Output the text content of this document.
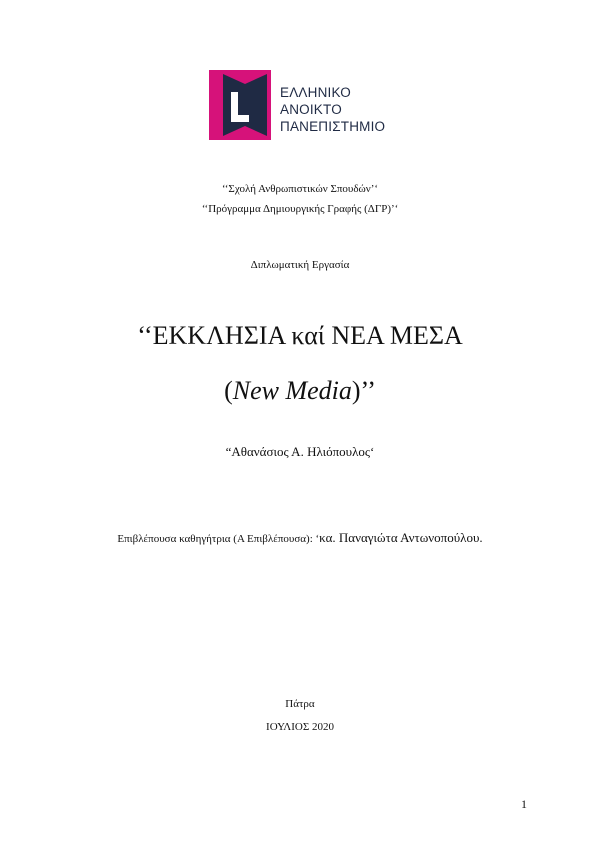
ΕΛΛΗΝΙΚΟ
ΑΝΟΙΚΤΟ
ΠΑΝΕΠΙΣΤΗΜΙΟ
‘‘Σχολή Ανθρωπιστικών Σπουδών’‘
‘‘Πρόγραμμα Δημιουργικής Γραφής (ΔΓΡ)’‘
Διπλωματική Εργασία
‘‘ΕΚΚΛΗΣΙΑ καί ΝΕΑ ΜΕΣΑ
(New Media)’’
“Αθανάσιος Α. Ηλιόπουλος‘
Επιβλέπουσα καθηγήτρια (Α Επιβλέπουσα): ‘κα. Παναγιώτα Αντωνοπούλου.
Πάτρα
ΙΟΥΛΙΟΣ 2020
1
